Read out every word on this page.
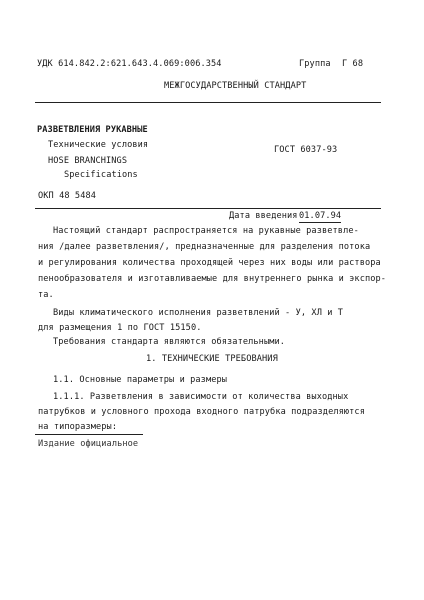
УДК 614.842.2:621.643.4.069:006.354	Группа Г 68
МЕЖГОСУДАРСТВЕННЫЙ СТАНДАРТ
РАЗВЕТВЛЕНИЯ РУКАВНЫЕ
Технические условия	ГОСТ 6037-93
HOSE BRANCHINGS
Specifications
ОКП 48 5484
Дата введения 01.07.94
Настоящий стандарт распространяется на рукавные разветвле-
ния /далее разветвления/, предназначенные для разделения потока
и регулирования количества проходящей через них воды или раствора
пенообразователя и изготавливаемые для внутреннего рынка и экспор-
та.
Виды климатического исполнения разветвлений - У, ХЛ и Т
для размещения 1 по ГОСТ 15150.
Требования стандарта являются обязательными.
1. ТЕХНИЧЕСКИЕ ТРЕБОВАНИЯ
1.1. Основные параметры и размеры
1.1.1. Разветвления в зависимости от количества выходных
патрубков и условного прохода входного патрубка подразделяются
на типоразмеры:
Издание официальное
